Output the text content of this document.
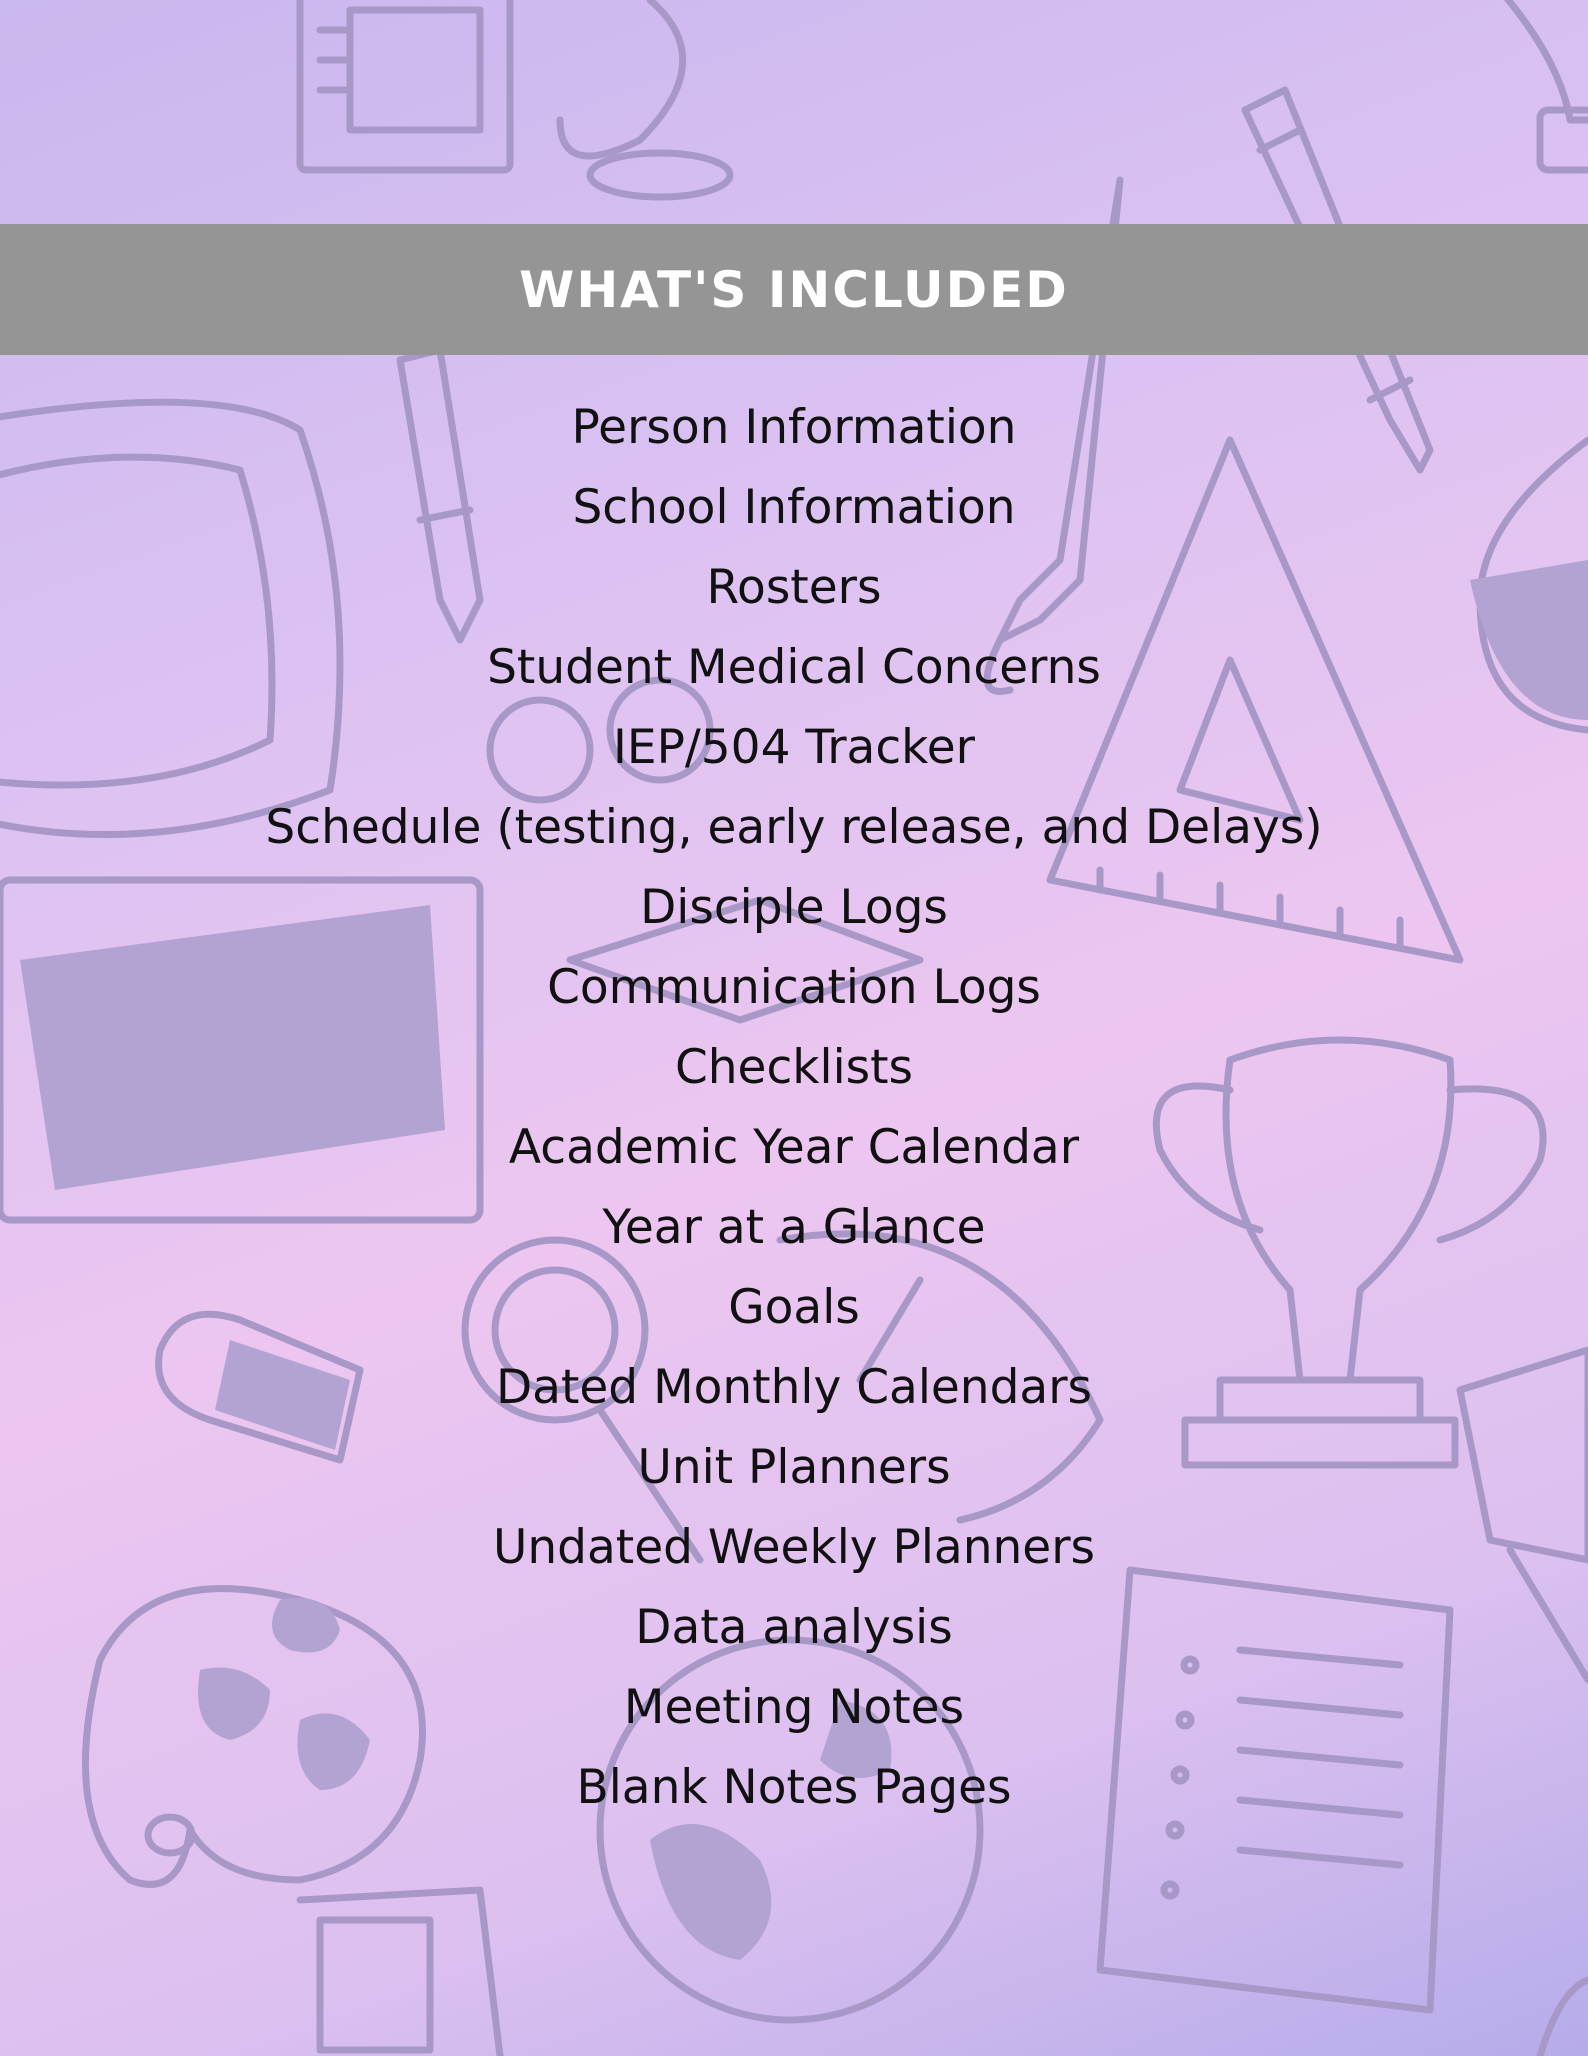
WHAT'S INCLUDED
Person Information
School Information
Rosters
Student Medical Concerns
IEP/504 Tracker
Schedule (testing, early release, and Delays)
Disciple Logs
Communication Logs
Checklists
Academic Year Calendar
Year at a Glance
Goals
Dated Monthly Calendars
Unit Planners
Undated Weekly Planners
Data analysis
Meeting Notes
Blank Notes Pages
